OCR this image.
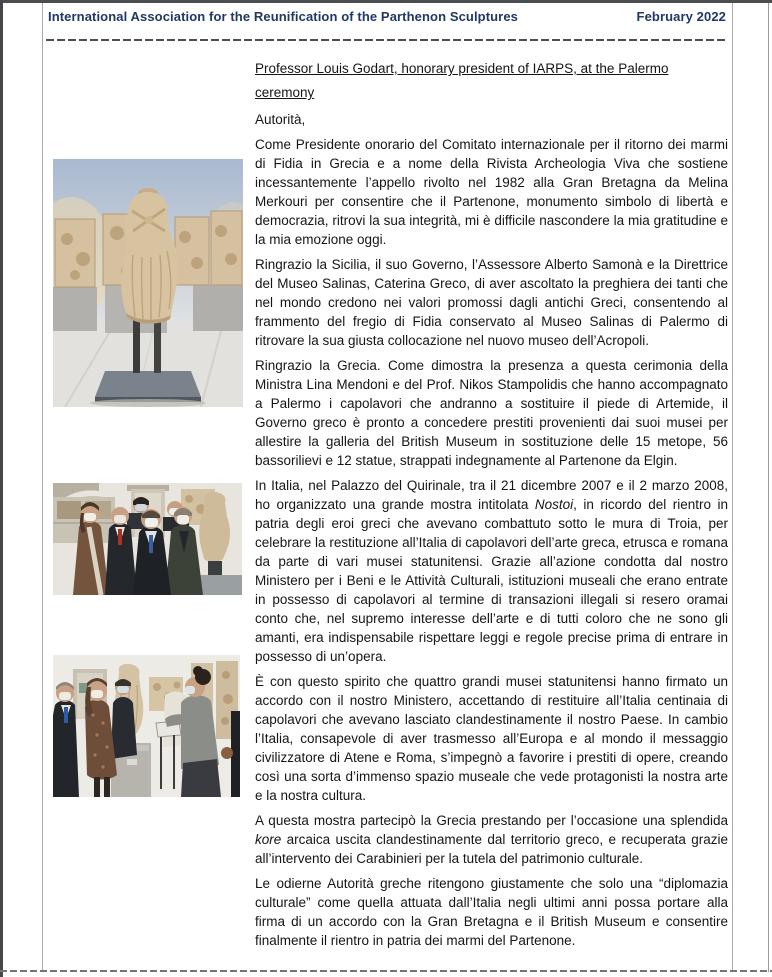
International Association for the Reunification of the Parthenon Sculptures	February 2022
Professor Louis Godart, honorary president of IARPS, at the Palermo ceremony

Autorità,

Come Presidente onorario del Comitato internazionale per il ritorno dei marmi di Fidia in Grecia e a nome della Rivista Archeologia Viva che sostiene incessantemente l’appello rivolto nel 1982 alla Gran Bretagna da Melina Merkouri per consentire che il Partenone, monumento simbolo di libertà e democrazia, ritrovi la sua integrità, mi è difficile nascondere la mia gratitudine e la mia emozione oggi.

Ringrazio la Sicilia, il suo Governo, l’Assessore Alberto Samonà e la Direttrice del Museo Salinas, Caterina Greco, di aver ascoltato la preghiera dei tanti che nel mondo credono nei valori promossi dagli antichi Greci, consentendo al frammento del fregio di Fidia conservato al Museo Salinas di Palermo di ritrovare la sua giusta collocazione nel nuovo museo dell’Acropoli.

Ringrazio la Grecia. Come dimostra la presenza a questa cerimonia della Ministra Lina Mendoni e del Prof. Nikos Stampolidis che hanno accompagnato a Palermo i capolavori che andranno a sostituire il piede di Artemide, il Governo greco è pronto a concedere prestiti provenienti dai suoi musei per allestire la galleria del British Museum in sostituzione delle 15 metope, 56 bassorilievi e 12 statue, strappati indegnamente al Partenone da Elgin.

In Italia, nel Palazzo del Quirinale, tra il 21 dicembre 2007 e il 2 marzo 2008, ho organizzato una grande mostra intitolata Nostoi, in ricordo del rientro in patria degli eroi greci che avevano combattuto sotto le mura di Troia, per celebrare la restituzione all’Italia di capolavori dell’arte greca, etrusca e romana da parte di vari musei statunitensi. Grazie all’azione condotta dal nostro Ministero per i Beni e le Attività Culturali, istituzioni museali che erano entrate in possesso di capolavori al termine di transazioni illegali si resero oramai conto che, nel supremo interesse dell’arte e di tutti coloro che ne sono gli amanti, era indispensabile rispettare leggi e regole precise prima di entrare in possesso di un’opera.

È con questo spirito che quattro grandi musei statunitensi hanno firmato un accordo con il nostro Ministero, accettando di restituire all’Italia centinaia di capolavori che avevano lasciato clandestinamente il nostro Paese. In cambio l’Italia, consapevole di aver trasmesso all’Europa e al mondo il messaggio civilizzatore di Atene e Roma, s’impegnò a favorire i prestiti di opere, creando così una sorta d’immenso spazio museale che vede protagonisti la nostra arte e la nostra cultura.

A questa mostra partecipò la Grecia prestando per l’occasione una splendida kore arcaica uscita clandestinamente dal territorio greco, e recuperata grazie all’intervento dei Carabinieri per la tutela del patrimonio culturale.

Le odierne Autorità greche ritengono giustamente che solo una “diplomazia culturale” come quella attuata dall’Italia negli ultimi anni possa portare alla firma di un accordo con la Gran Bretagna e il British Museum e consentire finalmente il rientro in patria dei marmi del Partenone.
